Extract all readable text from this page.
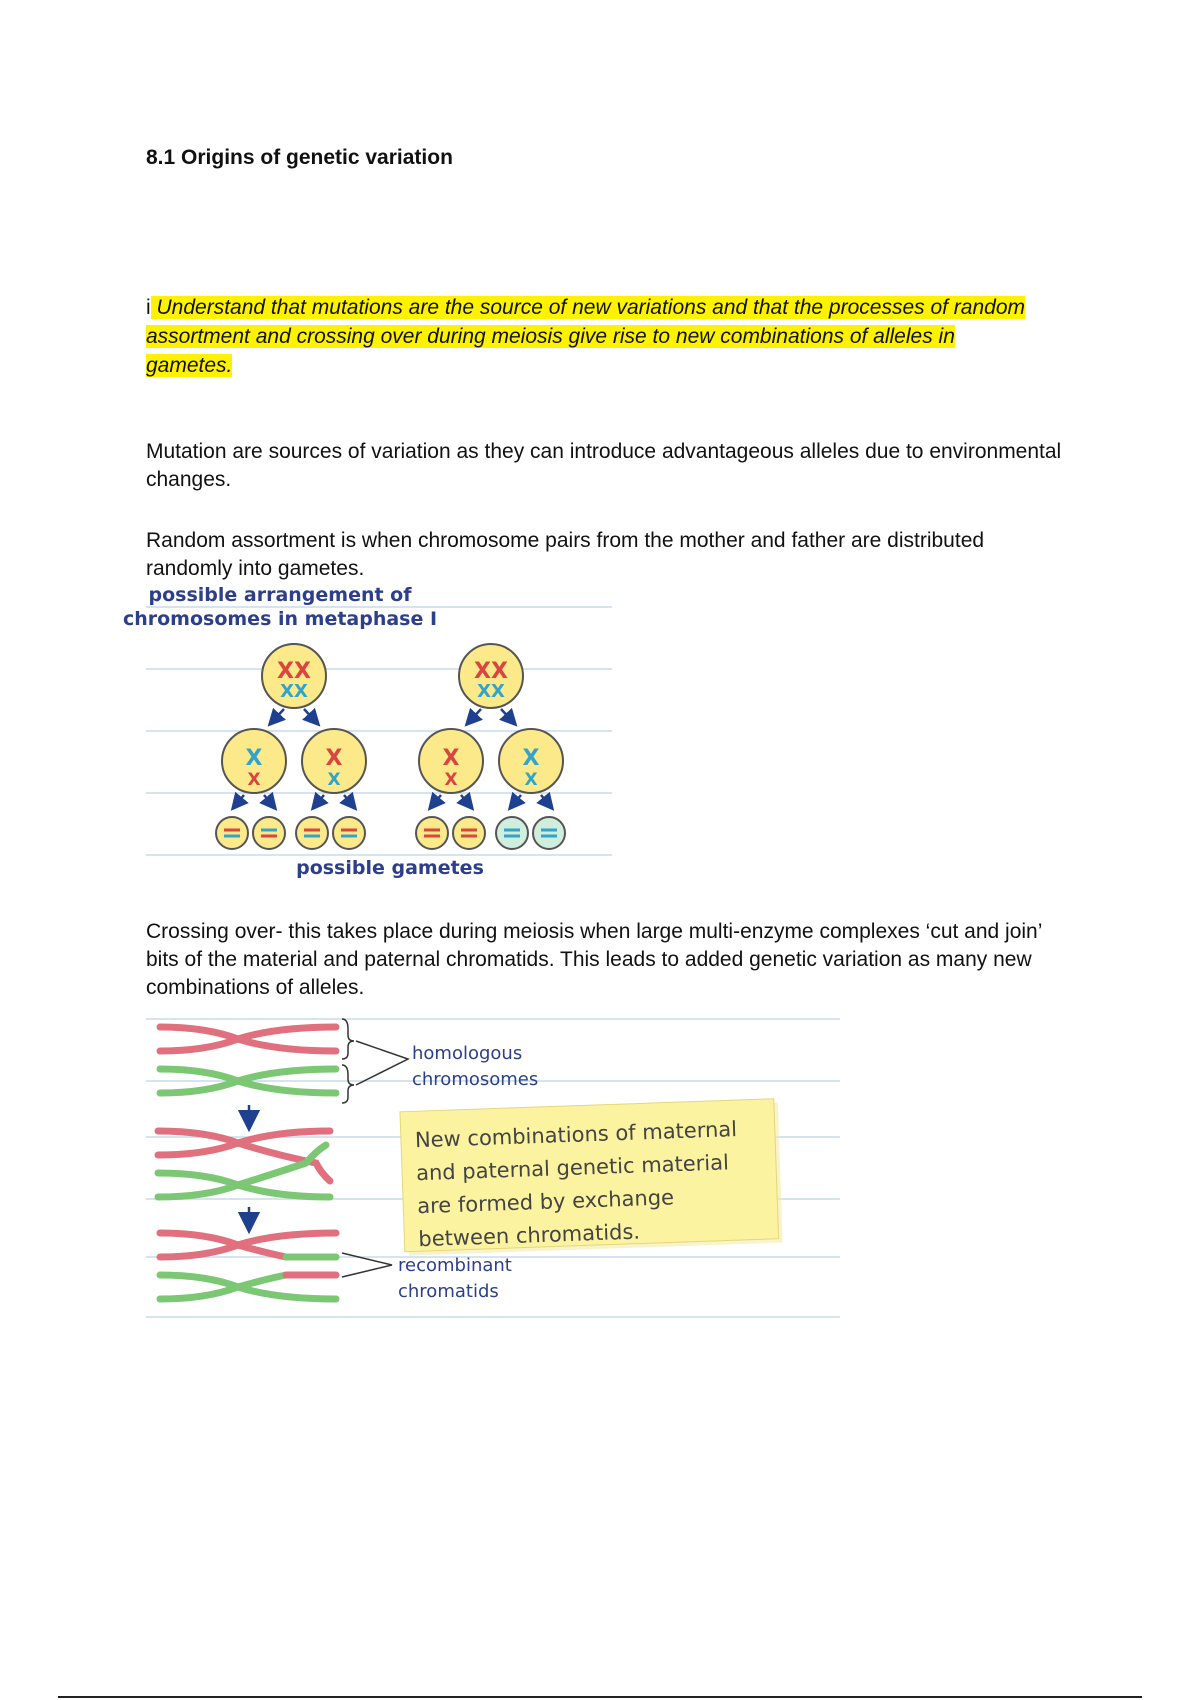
8.1 Origins of genetic variation

i Understand that mutations are the source of new variations and that the processes of random assortment and crossing over during meiosis give rise to new combinations of alleles in gametes.

Mutation are sources of variation as they can introduce advantageous alleles due to environmental changes.

Random assortment is when chromosome pairs from the mother and father are distributed randomly into gametes.

possible arrangement of
chromosomes in metaphase I
XX
XX
XX
XX
X
X
X
X
X
X
X
X
possible gametes

Crossing over- this takes place during meiosis when large multi-enzyme complexes ‘cut and join’ bits of the material and paternal chromatids. This leads to added genetic variation as many new combinations of alleles.

homologous
chromosomes
recombinant
chromatids
New combinations of maternal
and paternal genetic material
are formed by exchange
between chromatids.
